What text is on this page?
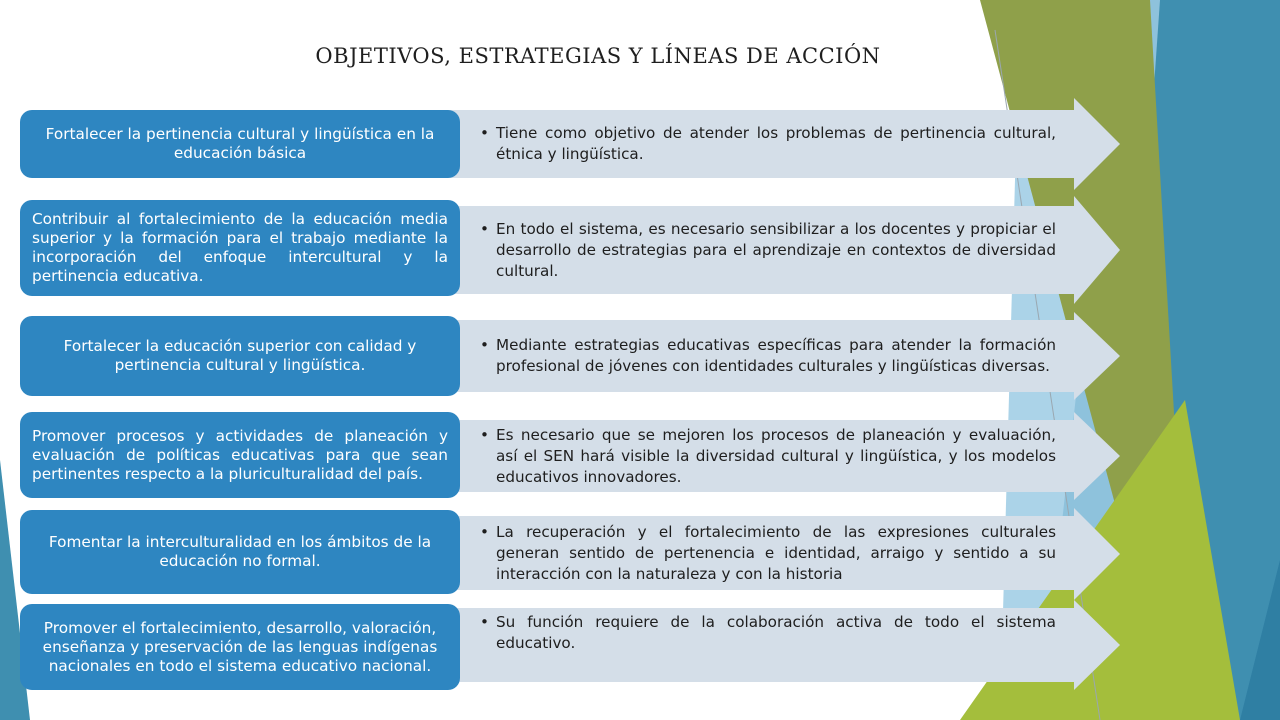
OBJETIVOS, ESTRATEGIAS Y LÍNEAS DE ACCIÓN
• Tiene como objetivo de atender los problemas de pertinencia cultural, étnica y lingüística.
Fortalecer la pertinencia cultural y lingüística en la educación básica
• En todo el sistema, es necesario sensibilizar a los docentes y propiciar el desarrollo de estrategias para el aprendizaje en contextos de diversidad cultural.
Contribuir al fortalecimiento de la educación media superior y la formación para el trabajo mediante la incorporación del enfoque intercultural y la pertinencia educativa.
• Mediante estrategias educativas específicas para atender la formación profesional de jóvenes con identidades culturales y lingüísticas diversas.
Fortalecer la educación superior con calidad y pertinencia cultural y lingüística.
• Es necesario que se mejoren los procesos de planeación y evaluación, así el SEN hará visible la diversidad cultural y lingüística, y los modelos educativos innovadores.
Promover procesos y actividades de planeación y evaluación de políticas educativas para que sean pertinentes respecto a la pluriculturalidad del país.
• La recuperación y el fortalecimiento de las expresiones culturales generan sentido de pertenencia e identidad, arraigo y sentido a su interacción con la naturaleza y con la historia
Fomentar la interculturalidad en los ámbitos de la educación no formal.
• Su función requiere de la colaboración activa de todo el sistema educativo.
Promover el fortalecimiento, desarrollo, valoración, enseñanza y preservación de las lenguas indígenas nacionales en todo el sistema educativo nacional.
